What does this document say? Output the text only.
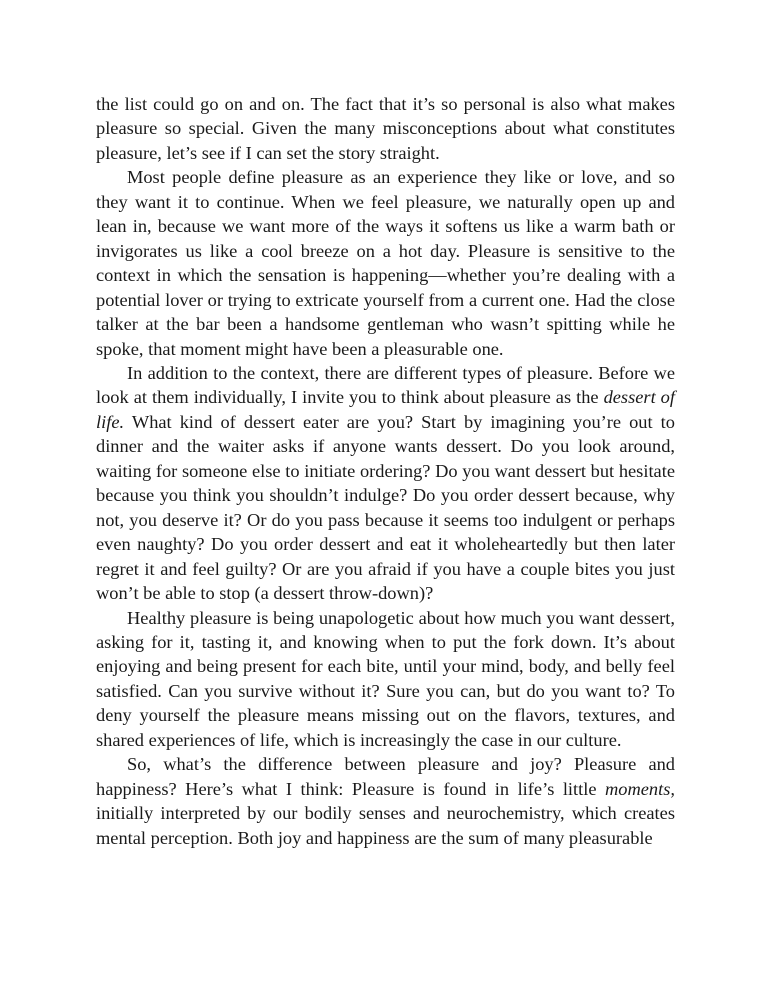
the list could go on and on. The fact that it’s so personal is also what makes pleasure so special. Given the many misconceptions about what constitutes pleasure, let’s see if I can set the story straight.

Most people define pleasure as an experience they like or love, and so they want it to continue. When we feel pleasure, we naturally open up and lean in, because we want more of the ways it softens us like a warm bath or invigorates us like a cool breeze on a hot day. Pleasure is sensitive to the context in which the sensation is happening—whether you’re dealing with a potential lover or trying to extricate yourself from a current one. Had the close talker at the bar been a handsome gentleman who wasn’t spitting while he spoke, that moment might have been a pleasurable one.

In addition to the context, there are different types of pleasure. Before we look at them individually, I invite you to think about pleasure as the dessert of life. What kind of dessert eater are you? Start by imagining you’re out to dinner and the waiter asks if anyone wants dessert. Do you look around, waiting for someone else to initiate ordering? Do you want dessert but hesitate because you think you shouldn’t indulge? Do you order dessert because, why not, you deserve it? Or do you pass because it seems too indulgent or perhaps even naughty? Do you order dessert and eat it wholeheartedly but then later regret it and feel guilty? Or are you afraid if you have a couple bites you just won’t be able to stop (a dessert throw-down)?

Healthy pleasure is being unapologetic about how much you want dessert, asking for it, tasting it, and knowing when to put the fork down. It’s about enjoying and being present for each bite, until your mind, body, and belly feel satisfied. Can you survive without it? Sure you can, but do you want to? To deny yourself the pleasure means missing out on the flavors, textures, and shared experiences of life, which is increasingly the case in our culture.

So, what’s the difference between pleasure and joy? Pleasure and happiness? Here’s what I think: Pleasure is found in life’s little moments, initially interpreted by our bodily senses and neurochemistry, which creates mental perception. Both joy and happiness are the sum of many pleasurable
